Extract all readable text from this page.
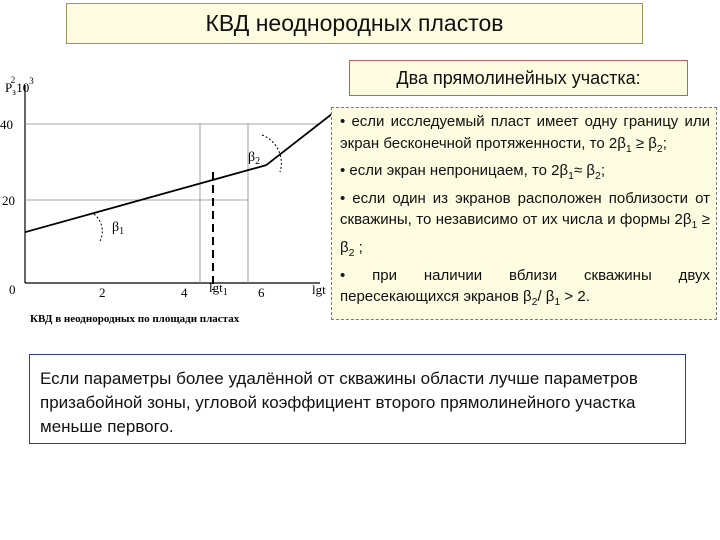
КВД неоднородных пластов
$P_з210^3$
40
20
0	2	4	6
lgt$_1$	lgt
$\beta_1$
$\beta_2$
КВД в неоднородных по площади пластах
Два прямолинейных участка:

• если исследуемый пласт имеет одну границу или экран бесконечной протяженности, то $2\beta_1 \ge \beta_2$;

• если экран непроницаем, то $2\beta_1\approx \beta_2$;

• если один из экранов расположен поблизости от скважины, то независимо от их числа и формы $2\beta_1 \ge \beta_2$ ;

• при наличии вблизи скважины двух пересекающихся экранов $\beta_2/$ $\beta_1 > 2$.

Если параметры более удалённой от скважины области лучше параметров призабойной зоны, угловой коэффициент второго прямолинейного участка меньше первого.
